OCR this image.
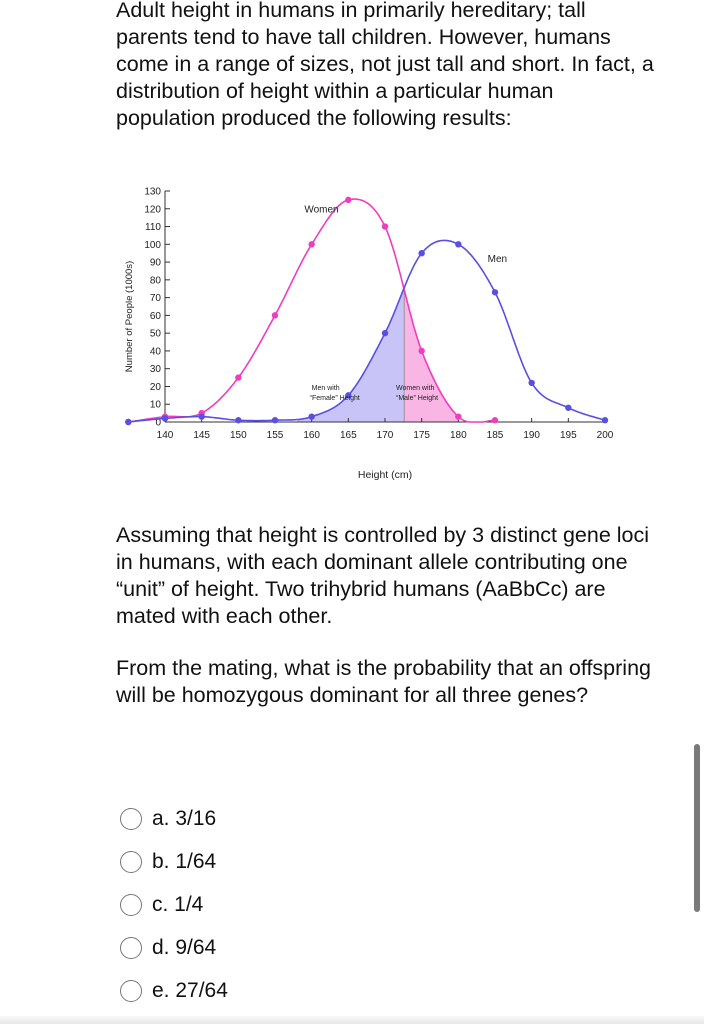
Adult height in humans in primarily hereditary; tall parents tend to have tall children. However, humans come in a range of sizes, not just tall and short. In fact, a distribution of height within a particular human population produced the following results:
0
10
20
30
40
50
60
70
80
90
100
110
120
130
140 145 150 155 160 165 170 175 180 185 190 195 200
Height (cm)
Number of People (1000s)
Women
Men
Men with
“Female” Height
Women with
“Male” Height
Assuming that height is controlled by 3 distinct gene loci in humans, with each dominant allele contributing one “unit” of height. Two trihybrid humans (AaBbCc) are mated with each other.
From the mating, what is the probability that an offspring will be homozygous dominant for all three genes?
a. 3/16
b. 1/64
c. 1/4
d. 9/64
e. 27/64
